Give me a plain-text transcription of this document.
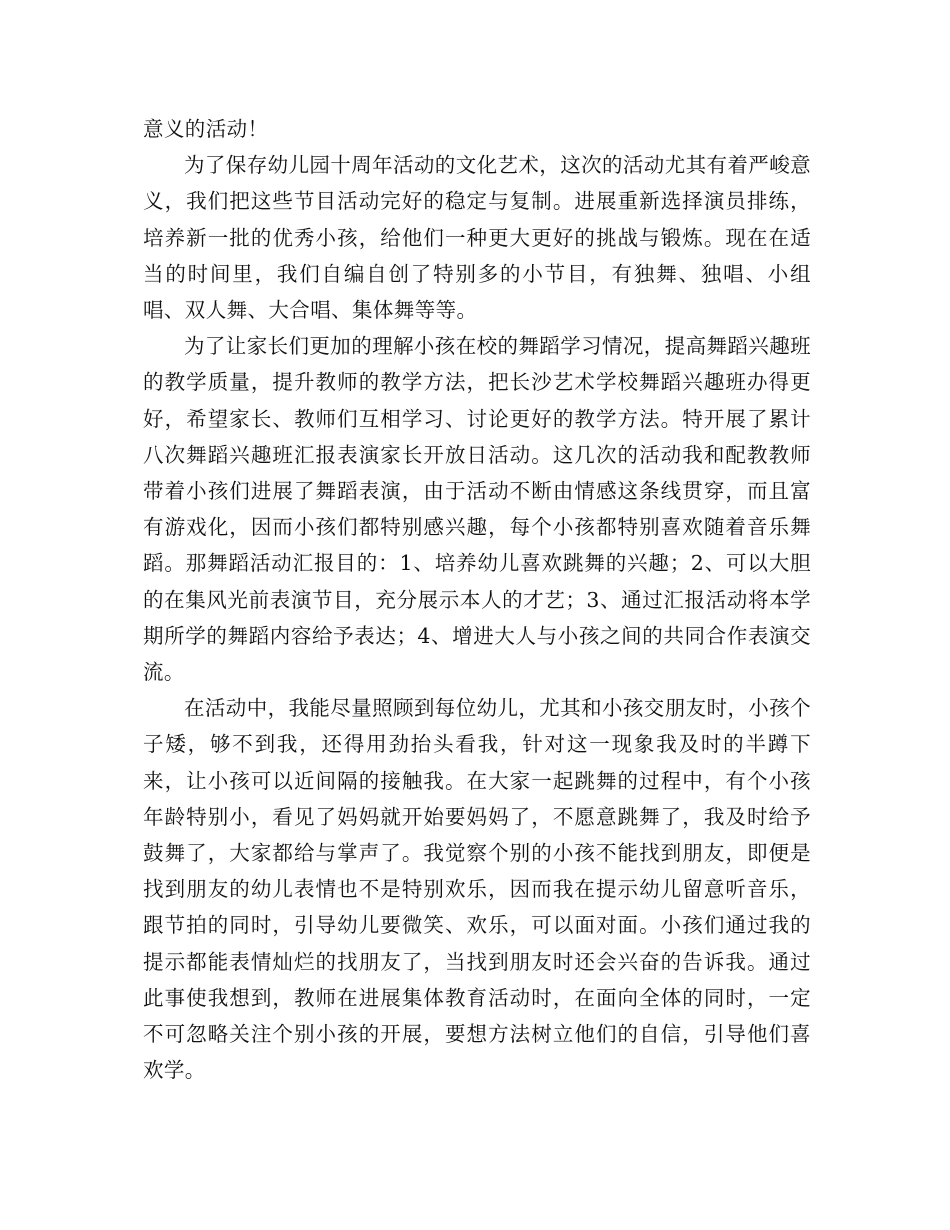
意义的活动！

为了保存幼儿园十周年活动的文化艺术，这次的活动尤其有着严峻意义，我们把这些节目活动完好的稳定与复制。进展重新选择演员排练，培养新一批的优秀小孩，给他们一种更大更好的挑战与锻炼。现在在适当的时间里，我们自编自创了特别多的小节目，有独舞、独唱、小组唱、双人舞、大合唱、集体舞等等。

为了让家长们更加的理解小孩在校的舞蹈学习情况，提高舞蹈兴趣班的教学质量，提升教师的教学方法，把长沙艺术学校舞蹈兴趣班办得更好，希望家长、教师们互相学习、讨论更好的教学方法。特开展了累计八次舞蹈兴趣班汇报表演家长开放日活动。这几次的活动我和配教教师带着小孩们进展了舞蹈表演，由于活动不断由情感这条线贯穿，而且富有游戏化，因而小孩们都特别感兴趣，每个小孩都特别喜欢随着音乐舞蹈。那舞蹈活动汇报目的：1、培养幼儿喜欢跳舞的兴趣；2、可以大胆的在集风光前表演节目，充分展示本人的才艺；3、通过汇报活动将本学期所学的舞蹈内容给予表达；4、增进大人与小孩之间的共同合作表演交流。

在活动中，我能尽量照顾到每位幼儿，尤其和小孩交朋友时，小孩个子矮，够不到我，还得用劲抬头看我，针对这一现象我及时的半蹲下来，让小孩可以近间隔的接触我。在大家一起跳舞的过程中，有个小孩年龄特别小，看见了妈妈就开始要妈妈了，不愿意跳舞了，我及时给予鼓舞了，大家都给与掌声了。我觉察个别的小孩不能找到朋友，即便是找到朋友的幼儿表情也不是特别欢乐，因而我在提示幼儿留意听音乐，跟节拍的同时，引导幼儿要微笑、欢乐，可以面对面。小孩们通过我的提示都能表情灿烂的找朋友了，当找到朋友时还会兴奋的告诉我。通过此事使我想到，教师在进展集体教育活动时，在面向全体的同时，一定不可忽略关注个别小孩的开展，要想方法树立他们的自信，引导他们喜欢学。
